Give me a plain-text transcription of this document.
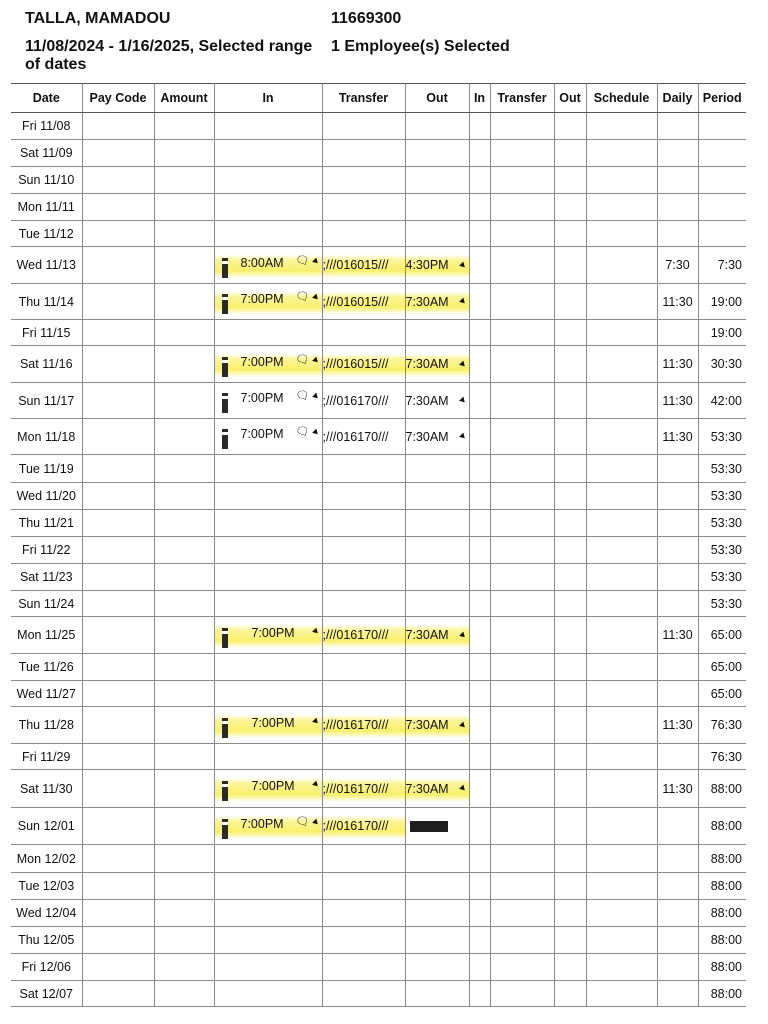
TALLA, MAMADOU	11669300
11/08/2024 - 1/16/2025, Selected range of dates
1 Employee(s) Selected
Date	Pay Code	Amount	In	Transfer	Out	In	Transfer	Out	Schedule	Daily	Period
Fri 11/08											
Sat 11/09											
Sun 11/10											
Mon 11/11											
Tue 11/12											
Wed 11/13			8:00AM 🗨︎	;///016015///	4:30PM					7:30	7:30
Thu 11/14			7:00PM 🗨︎	;///016015///	7:30AM					11:30	19:00
Fri 11/15											19:00
Sat 11/16			7:00PM 🗨︎	;///016015///	7:30AM					11:30	30:30
Sun 11/17			7:00PM 🗨︎	;///016170///	7:30AM					11:30	42:00
Mon 11/18			7:00PM 🗨︎	;///016170///	7:30AM					11:30	53:30
Tue 11/19											53:30
Wed 11/20											53:30
Thu 11/21											53:30
Fri 11/22											53:30
Sat 11/23											53:30
Sun 11/24											53:30
Mon 11/25			7:00PM	;///016170///	7:30AM					11:30	65:00
Tue 11/26											65:00
Wed 11/27											65:00
Thu 11/28			7:00PM	;///016170///	7:30AM					11:30	76:30
Fri 11/29											76:30
Sat 11/30			7:00PM	;///016170///	7:30AM					11:30	88:00
Sun 12/01			7:00PM 🗨︎	;///016170///							88:00
Mon 12/02											88:00
Tue 12/03											88:00
Wed 12/04											88:00
Thu 12/05											88:00
Fri 12/06											88:00
Sat 12/07											88:00
